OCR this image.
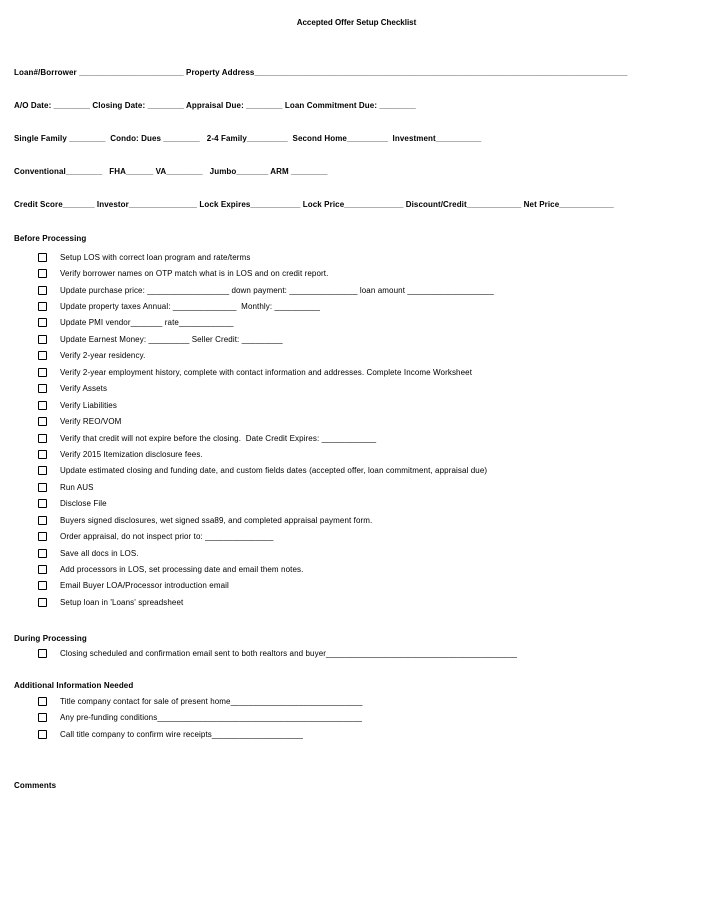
Accepted Offer Setup Checklist
Loan#/Borrower _______________________ Property Address__________________________________________________________________________________
A/O Date: ________ Closing Date: ________ Appraisal Due: ________ Loan Commitment Due: ________
Single Family ________  Condo: Dues ________   2-4 Family_________  Second Home_________  Investment__________
Conventional________   FHA______ VA________   Jumbo_______ ARM ________
Credit Score_______ Investor_______________ Lock Expires___________ Lock Price_____________ Discount/Credit____________ Net Price____________
Before Processing
Setup LOS with correct loan program and rate/terms
Verify borrower names on OTP match what is in LOS and on credit report.
Update purchase price: __________________ down payment: _______________ loan amount ___________________
Update property taxes Annual: ______________  Monthly: __________
Update PMI vendor_______ rate____________
Update Earnest Money: _________ Seller Credit: _________
Verify 2-year residency.
Verify 2-year employment history, complete with contact information and addresses. Complete Income Worksheet
Verify Assets
Verify Liabilities
Verify REO/VOM
Verify that credit will not expire before the closing.  Date Credit Expires: ____________
Verify 2015 Itemization disclosure fees.
Update estimated closing and funding date, and custom fields dates (accepted offer, loan commitment, appraisal due)
Run AUS
Disclose File
Buyers signed disclosures, wet signed ssa89, and completed appraisal payment form.
Order appraisal, do not inspect prior to: _______________
Save all docs in LOS.
Add processors in LOS, set processing date and email them notes.
Email Buyer LOA/Processor introduction email
Setup loan in 'Loans' spreadsheet
During Processing
Closing scheduled and confirmation email sent to both realtors and buyer__________________________________________
Additional Information Needed
Title company contact for sale of present home_____________________________
Any pre-funding conditions_____________________________________________
Call title company to confirm wire receipts____________________
Comments
